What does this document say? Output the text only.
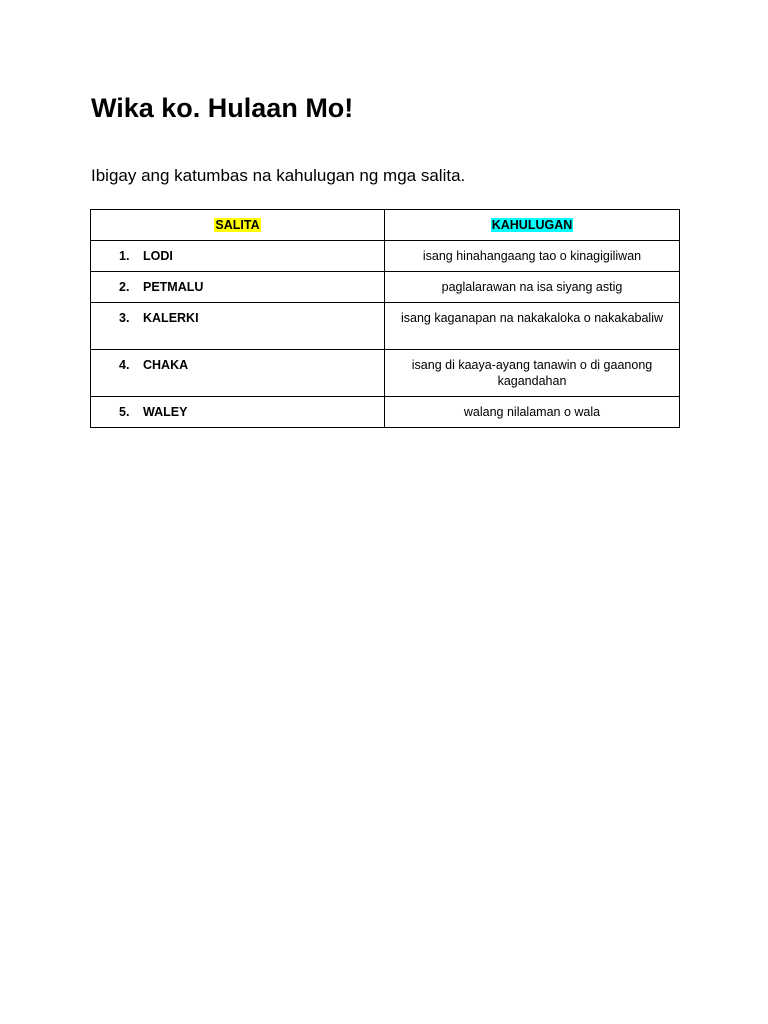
Wika ko. Hulaan Mo!

Ibigay ang katumbas na kahulugan ng mga salita.

SALITA	KAHULUGAN
1. LODI	isang hinahangaang tao o kinagigiliwan
2. PETMALU	paglalarawan na isa siyang astig
3. KALERKI	isang kaganapan na nakakaloka o nakakabaliw
4. CHAKA	isang di kaaya-ayang tanawin o di gaanong kagandahan
5. WALEY	walang nilalaman o wala
